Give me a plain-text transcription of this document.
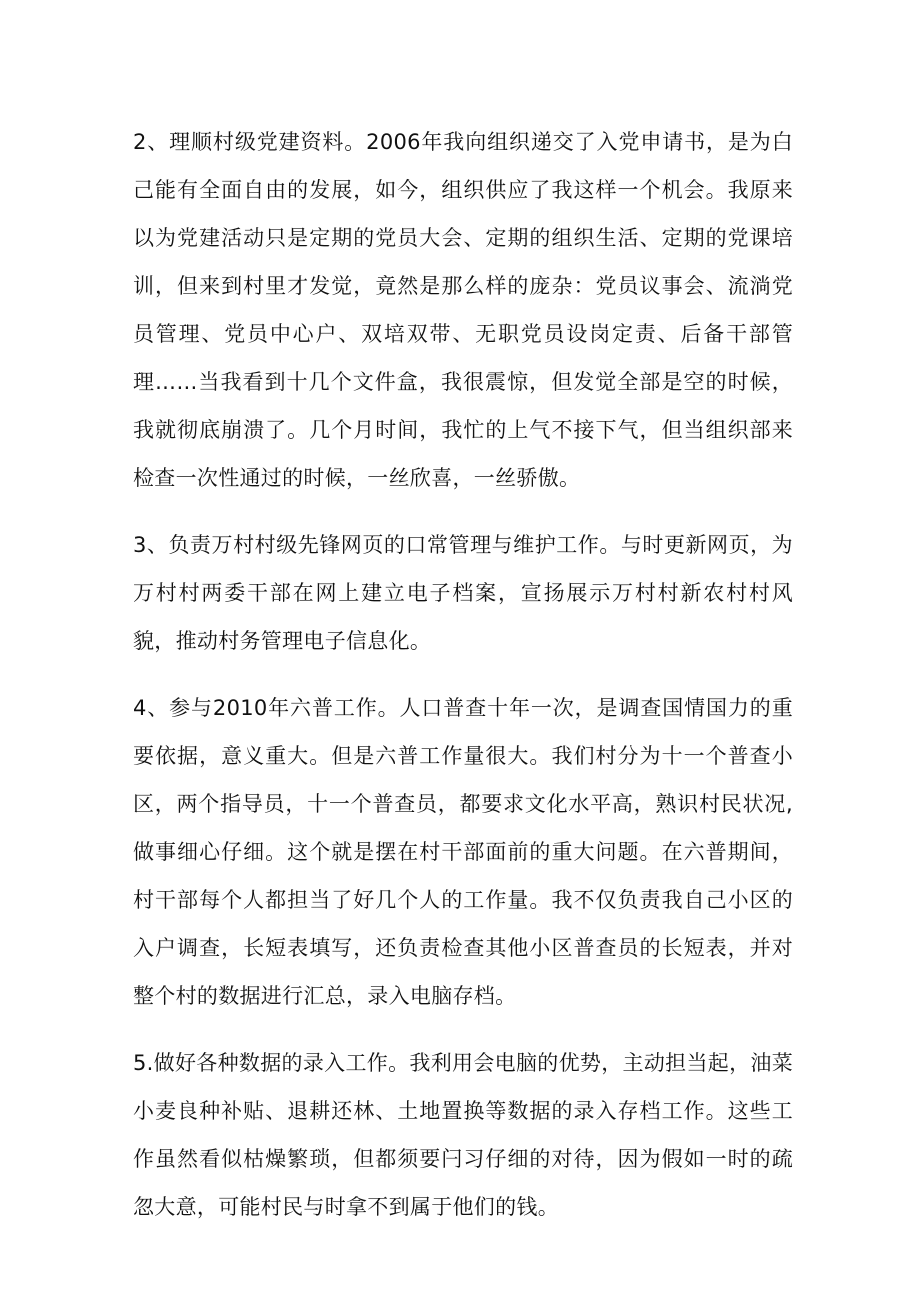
2、理顺村级党建资料。2006年我向组织递交了入党申请书，是为白己能有全面自由的发展，如今，组织供应了我这样一个机会。我原来以为党建活动只是定期的党员大会、定期的组织生活、定期的党课培训，但来到村里才发觉，竟然是那么样的庞杂：党员议事会、流淌党员管理、党员中心户、双培双带、无职党员设岗定责、后备干部管理……当我看到十几个文件盒，我很震惊，但发觉全部是空的时候，我就彻底崩溃了。几个月时间，我忙的上气不接下气，但当组织部来检查一次性通过的时候，一丝欣喜，一丝骄傲。

3、负责万村村级先锋网页的口常管理与维护工作。与时更新网页，为万村村两委干部在网上建立电子档案，宣扬展示万村村新农村村风貌，推动村务管理电子信息化。

4、参与2010年六普工作。人口普查十年一次，是调查国情国力的重要依据，意义重大。但是六普工作量很大。我们村分为十一个普查小区，两个指导员，十一个普查员，都要求文化水平高，熟识村民状况,做事细心仔细。这个就是摆在村干部面前的重大问题。在六普期间，村干部每个人都担当了好几个人的工作量。我不仅负责我自己小区的入户调查，长短表填写，还负责检查其他小区普查员的长短表，并对整个村的数据进行汇总，录入电脑存档。

5.做好各种数据的录入工作。我利用会电脑的优势，主动担当起，油菜小麦良种补贴、退耕还林、土地置换等数据的录入存档工作。这些工作虽然看似枯燥繁琐，但都须要闩习仔细的对待，因为假如一时的疏忽大意，可能村民与时拿不到属于他们的钱。
